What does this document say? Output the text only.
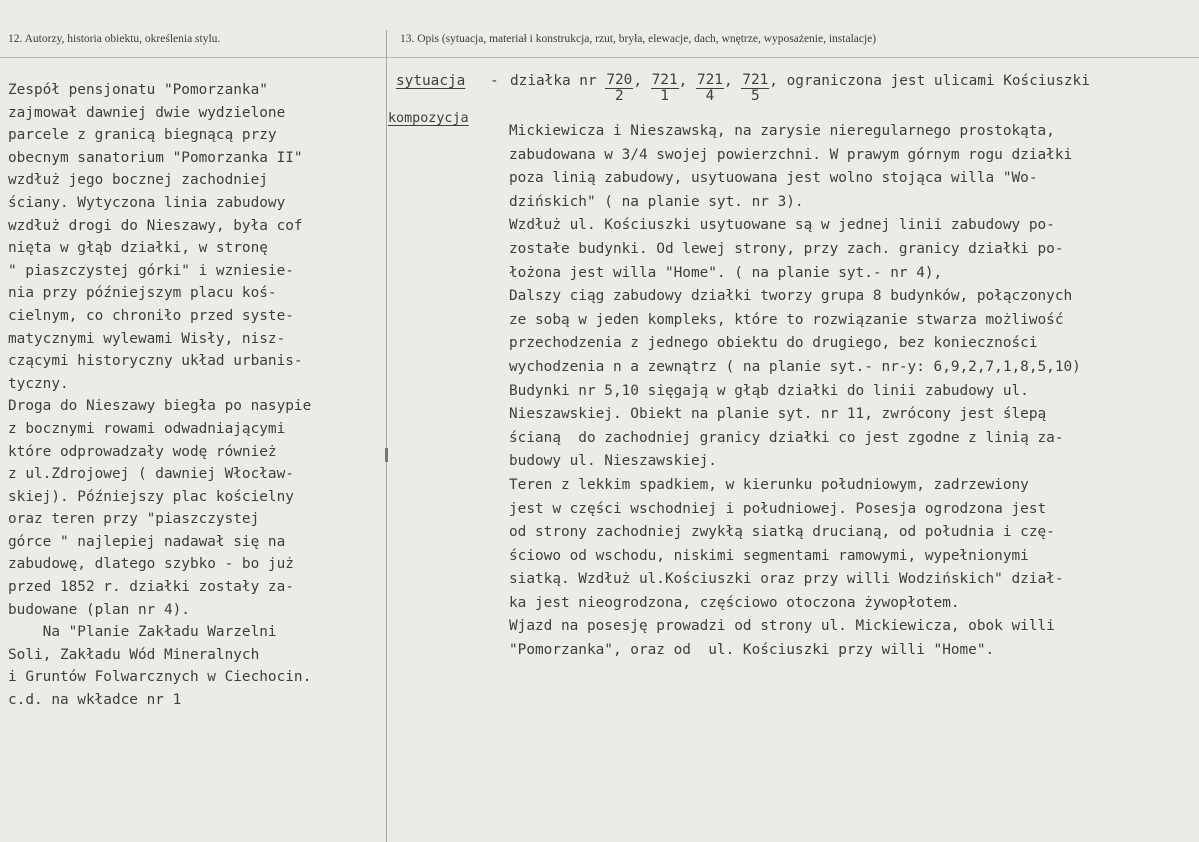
12. Autorzy, historia obiektu, określenia stylu.	13. Opis (sytuacja, materiał i konstrukcja, rzut, bryła, elewacje, dach, wnętrze, wyposażenie, instalacje)
Zespół pensjonatu "Pomorzanka"
zajmował dawniej dwie wydzielone
parcele z granicą biegnącą przy
obecnym sanatorium "Pomorzanka II"
wzdłuż jego bocznej zachodniej
ściany. Wytyczona linia zabudowy
wzdłuż drogi do Nieszawy, była cof
nięta w głąb działki, w stronę
" piaszczystej górki" i wzniesie-
nia przy późniejszym placu koś-
cielnym, co chroniło przed syste-
matycznymi wylewami Wisły, nisz-
czącymi historyczny układ urbanis-
tyczny.
Droga do Nieszawy biegła po nasypie
z bocznymi rowami odwadniającymi
które odprowadzały wodę również
z ul.Zdrojowej ( dawniej Włocław-
skiej). Późniejszy plac kościelny
oraz teren przy "piaszczystej
górce " najlepiej nadawał się na
zabudowę, dlatego szybko - bo już
przed 1852 r. działki zostały za-
budowane (plan nr 4).
Na "Planie Zakładu Warzelni
Soli, Zakładu Wód Mineralnych
i Gruntów Folwarcznych w Ciechocin.
c.d. na wkładce nr 1
sytuacja -
kompozycja
działka nr $\frac{720}{2}$ , $\frac{721}{1}$ , $\frac{721}{4}$ , $\frac{721}{5}$ , ograniczona jest ulicami Kościuszki
Mickiewicza i Nieszawską, na zarysie nieregularnego prostokąta,
zabudowana w 3/4 swojej powierzchni. W prawym górnym rogu działki
poza linią zabudowy, usytuowana jest wolno stojąca willa "Wo-
dzińskich" ( na planie syt. nr 3).
Wzdłuż ul. Kościuszki usytuowane są w jednej linii zabudowy po-
zostałe budynki. Od lewej strony, przy zach. granicy działki po-
łożona jest willa "Home". ( na planie syt.- nr 4),
Dalszy ciąg zabudowy działki tworzy grupa 8 budynków, połączonych
ze sobą w jeden kompleks, które to rozwiązanie stwarza możliwość
przechodzenia z jednego obiektu do drugiego, bez konieczności
wychodzenia n a zewnątrz ( na planie syt.- nr-y: 6,9,2,7,1,8,5,10)
Budynki nr 5,10 sięgają w głąb działki do linii zabudowy ul.
Nieszawskiej. Obiekt na planie syt. nr 11, zwrócony jest ślepą
ścianą  do zachodniej granicy działki co jest zgodne z linią za-
budowy ul. Nieszawskiej.
Teren z lekkim spadkiem, w kierunku południowym, zadrzewiony
jest w części wschodniej i południowej. Posesja ogrodzona jest
od strony zachodniej zwykłą siatką drucianą, od południa i czę-
ściowo od wschodu, niskimi segmentami ramowymi, wypełnionymi
siatką. Wzdłuż ul.Kościuszki oraz przy willi Wodzińskich" dział-
ka jest nieogrodzona, częściowo otoczona żywopłotem.
Wjazd na posesję prowadzi od strony ul. Mickiewicza, obok willi
"Pomorzanka", oraz od  ul. Kościuszki przy willi "Home".
